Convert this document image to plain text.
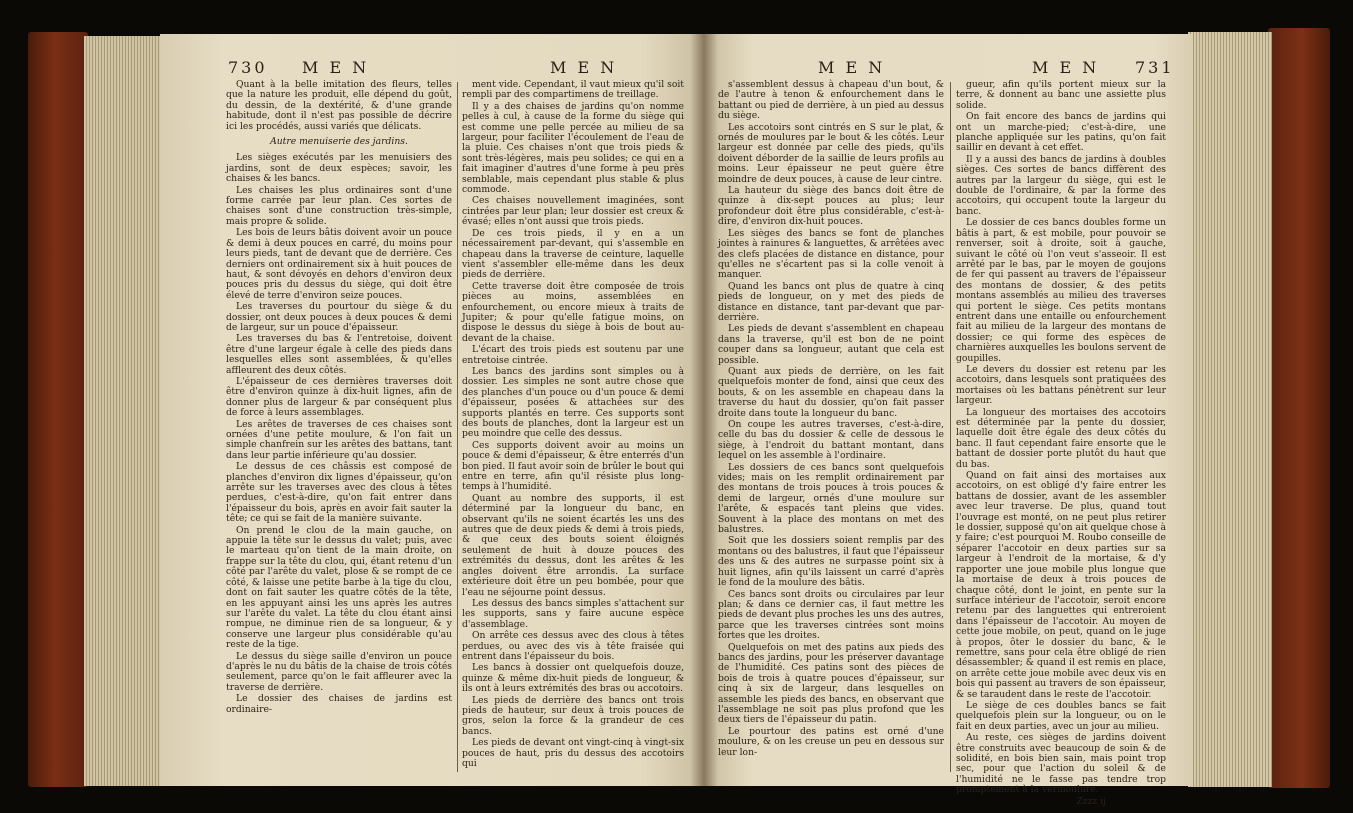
730 M E N	M E N	M E N	M E N 731

Quant à la belle imitation des fleurs, telles que la nature les produit, elle dépend du goût, du dessin, de la dextérité, & d'une grande habitude, dont il n'est pas possible de décrire ici les procédés, aussi variés que délicats.

Autre menuiserie des jardins.

Les sièges exécutés par les menuisiers des jardins, sont de deux espèces; savoir, les chaises & les bancs.

Les chaises les plus ordinaires sont d'une forme carrée par leur plan. Ces sortes de chaises sont d'une construction très-simple, mais propre & solide.

Les bois de leurs bâtis doivent avoir un pouce & demi à deux pouces en carré, du moins pour leurs pieds, tant de devant que de derrière. Ces derniers ont ordinairement six à huit pouces de haut, & sont dévoyés en dehors d'environ deux pouces pris du dessus du siège, qui doit être élevé de terre d'environ seize pouces.

Les traverses du pourtour du siège & du dossier, ont deux pouces à deux pouces & demi de largeur, sur un pouce d'épaisseur.

Les traverses du bas & l'entretoise, doivent être d'une largeur égale à celle des pieds dans lesquelles elles sont assemblées, & qu'elles affleurent des deux côtés.

L'épaisseur de ces dernières traverses doit être d'environ quinze à dix-huit lignes, afin de donner plus de largeur & par conséquent plus de force à leurs assemblages.

Les arêtes de traverses de ces chaises sont ornées d'une petite moulure, & l'on fait un simple chanfrein sur les arêtes des battans, tant dans leur partie inférieure qu'au dossier.

Le dessus de ces châssis est composé de planches d'environ dix lignes d'épaisseur, qu'on arrête sur les traverses avec des clous à têtes perdues, c'est-à-dire, qu'on fait entrer dans l'épaisseur du bois, après en avoir fait sauter la tête; ce qui se fait de la manière suivante.

On prend le clou de la main gauche, on appuie la tête sur le dessus du valet; puis, avec le marteau qu'on tient de la main droite, on frappe sur la tête du clou, qui, étant retenu d'un côté par l'arête du valet, plose & se rompt de ce côté, & laisse une petite barbe à la tige du clou, dont on fait sauter les quatre côtés de la tête, en les appuyant ainsi les uns après les autres sur l'arête du valet. La tête du clou étant ainsi rompue, ne diminue rien de sa longueur, & y conserve une largeur plus considérable qu'au reste de la tige.

Le dessus du siège saille d'environ un pouce d'après le nu du bâtis de la chaise de trois côtés seulement, parce qu'on le fait affleurer avec la traverse de derrière.

Le dossier des chaises de jardins est ordinaire-

ment vide. Cependant, il vaut mieux qu'il soit rempli par des compartimens de treillage.

Il y a des chaises de jardins qu'on nomme pelles à cul, à cause de la forme du siège qui est comme une pelle percée au milieu de sa largeur, pour faciliter l'écoulement de l'eau de la pluie. Ces chaises n'ont que trois pieds & sont très-légères, mais peu solides; ce qui en a fait imaginer d'autres d'une forme à peu près semblable, mais cependant plus stable & plus commode.

Ces chaises nouvellement imaginées, sont cintrées par leur plan; leur dossier est creux & évasé; elles n'ont aussi que trois pieds.

De ces trois pieds, il y en a un nécessairement par-devant, qui s'assemble en chapeau dans la traverse de ceinture, laquelle vient s'assembler elle-même dans les deux pieds de derrière.

Cette traverse doit être composée de trois pièces au moins, assemblées en enfourchement, ou encore mieux à traits de Jupiter; & pour qu'elle fatigue moins, on dispose le dessus du siège à bois de bout au-devant de la chaise.

L'écart des trois pieds est soutenu par une entretoise cintrée.

Les bancs des jardins sont simples ou à dossier. Les simples ne sont autre chose que des planches d'un pouce ou d'un pouce & demi d'épaisseur, posées & attachées sur des supports plantés en terre. Ces supports sont des bouts de planches, dont la largeur est un peu moindre que celle des dessus.

Ces supports doivent avoir au moins un pouce & demi d'épaisseur, & être enterrés d'un bon pied. Il faut avoir soin de brûler le bout qui entre en terre, afin qu'il résiste plus long-temps à l'humidité.

Quant au nombre des supports, il est déterminé par la longueur du banc, en observant qu'ils ne soient écartés les uns des autres que de deux pieds & demi à trois pieds, & que ceux des bouts soient éloignés seulement de huit à douze pouces des extrémités du dessus, dont les arêtes & les angles doivent être arrondis. La surface extérieure doit être un peu bombée, pour que l'eau ne séjourne point dessus.

Les dessus des bancs simples s'attachent sur les supports, sans y faire aucune espèce d'assemblage.

On arrête ces dessus avec des clous à têtes perdues, ou avec des vis à tête fraisée qui entrent dans l'épaisseur du bois.

Les bancs à dossier ont quelquefois douze, quinze & même dix-huit pieds de longueur, & ils ont à leurs extrémités des bras ou accotoirs.

Les pieds de derrière des bancs ont trois pieds de hauteur, sur deux à trois pouces de gros, selon la force & la grandeur de ces bancs.

Les pieds de devant ont vingt-cinq à vingt-six pouces de haut, pris du dessus des accotoirs qui

s'assemblent dessus à chapeau d'un bout, & de l'autre à tenon & enfourchement dans le battant ou pied de derrière, à un pied au dessus du siège.

Les accotoirs sont cintrés en S sur le plat, & ornés de moulures par le bout & les côtés. Leur largeur est donnée par celle des pieds, qu'ils doivent déborder de la saillie de leurs profils au moins. Leur épaisseur ne peut guère être moindre de deux pouces, à cause de leur cintre.

La hauteur du siège des bancs doit être de quinze à dix-sept pouces au plus; leur profondeur doit être plus considérable, c'est-à-dire, d'environ dix-huit pouces.

Les sièges des bancs se font de planches jointes à rainures & languettes, & arrêtées avec des clefs placées de distance en distance, pour qu'elles ne s'écartent pas si la colle venoit à manquer.

Quand les bancs ont plus de quatre à cinq pieds de longueur, on y met des pieds de distance en distance, tant par-devant que par-derrière.

Les pieds de devant s'assemblent en chapeau dans la traverse, qu'il est bon de ne point couper dans sa longueur, autant que cela est possible.

Quant aux pieds de derrière, on les fait quelquefois monter de fond, ainsi que ceux des bouts, & on les assemble en chapeau dans la traverse du haut du dossier, qu'on fait passer droite dans toute la longueur du banc.

On coupe les autres traverses, c'est-à-dire, celle du bas du dossier & celle de dessous le siège, à l'endroit du battant montant, dans lequel on les assemble à l'ordinaire.

Les dossiers de ces bancs sont quelquefois vides; mais on les remplit ordinairement par des montans de trois pouces à trois pouces & demi de largeur, ornés d'une moulure sur l'arête, & espacés tant pleins que vides. Souvent à la place des montans on met des balustres.

Soit que les dossiers soient remplis par des montans ou des balustres, il faut que l'épaisseur des uns & des autres ne surpasse point six à huit lignes, afin qu'ils laissent un carré d'après le fond de la moulure des bâtis.

Ces bancs sont droits ou circulaires par leur plan; & dans ce dernier cas, il faut mettre les pieds de devant plus proches les uns des autres, parce que les traverses cintrées sont moins fortes que les droites.

Quelquefois on met des patins aux pieds des bancs des jardins, pour les préserver davantage de l'humidité. Ces patins sont des pièces de bois de trois à quatre pouces d'épaisseur, sur cinq à six de largeur, dans lesquelles on assemble les pieds des bancs, en observant que l'assemblage ne soit pas plus profond que les deux tiers de l'épaisseur du patin.

Le pourtour des patins est orné d'une moulure, & on les creuse un peu en dessous sur leur lon-

gueur, afin qu'ils portent mieux sur la terre, & donnent au banc une assiette plus solide.

On fait encore des bancs de jardins qui ont un marche-pied; c'est-à-dire, une planche appliquée sur les patins, qu'on fait saillir en devant à cet effet.

Il y a aussi des bancs de jardins à doubles sièges. Ces sortes de bancs diffèrent des autres par la largeur du siège, qui est le double de l'ordinaire, & par la forme des accotoirs, qui occupent toute la largeur du banc.

Le dossier de ces bancs doubles forme un bâtis à part, & est mobile, pour pouvoir se renverser, soit à droite, soit à gauche, suivant le côté où l'on veut s'asseoir. Il est arrêté par le bas, par le moyen de goujons de fer qui passent au travers de l'épaisseur des montans de dossier, & des petits montans assemblés au milieu des traverses qui portent le siège. Ces petits montans entrent dans une entaille ou enfourchement fait au milieu de la largeur des montans de dossier; ce qui forme des espèces de charnières auxquelles les boulons servent de goupilles.

Le devers du dossier est retenu par les accotoirs, dans lesquels sont pratiquées des mortaises où les battans pénètrent sur leur largeur.

La longueur des mortaises des accotoirs est déterminée par la pente du dossier, laquelle doit être égale des deux côtés du banc. Il faut cependant faire ensorte que le battant de dossier porte plutôt du haut que du bas.

Quand on fait ainsi des mortaises aux accotoirs, on est obligé d'y faire entrer les battans de dossier, avant de les assembler avec leur traverse. De plus, quand tout l'ouvrage est monté, on ne peut plus retirer le dossier, supposé qu'on ait quelque chose à y faire; c'est pourquoi M. Roubo conseille de séparer l'accotoir en deux parties sur sa largeur à l'endroit de la mortaise, & d'y rapporter une joue mobile plus longue que la mortaise de deux à trois pouces de chaque côté, dont le joint, en pente sur la surface intérieur de l'accotoir, seroit encore retenu par des languettes qui entreroient dans l'épaisseur de l'accotoir. Au moyen de cette joue mobile, on peut, quand on le juge à propos, ôter le dossier du banc, & le remettre, sans pour cela être obligé de rien désassembler; & quand il est remis en place, on arrête cette joue mobile avec deux vis en bois qui passent au travers de son épaisseur, & se taraudent dans le reste de l'accotoir.

Le siège de ces doubles bancs se fait quelquefois plein sur la longueur, ou on le fait en deux parties, avec un jour au milieu.

Au reste, ces sièges de jardins doivent être construits avec beaucoup de soin & de solidité, en bois bien sain, mais point trop sec, pour que l'action du soleil & de l'humidité ne le fasse pas tendre trop promptement à la vermoulure.

Zzzz ij
